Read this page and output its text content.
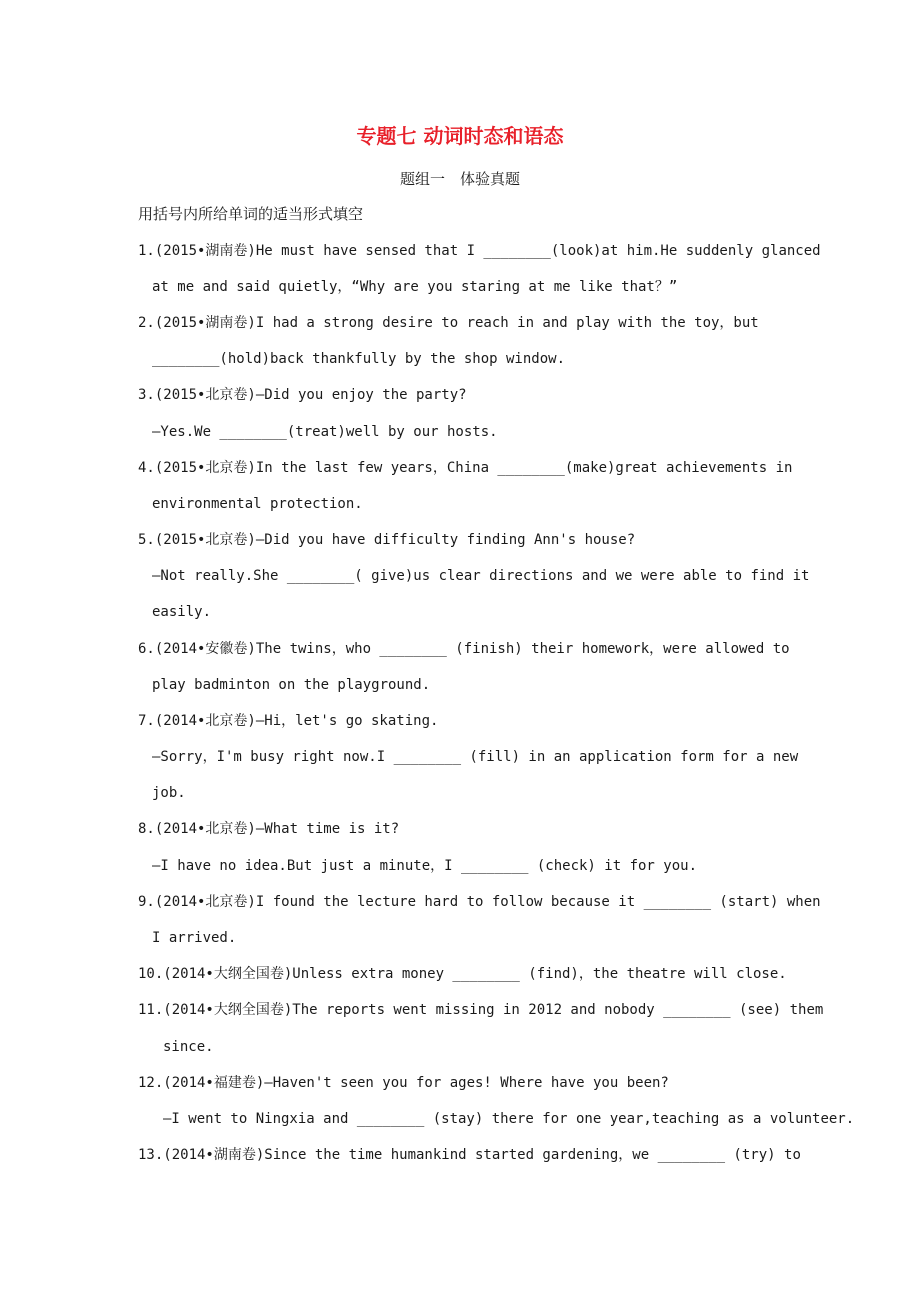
专题七 动词时态和语态
题组一　体验真题
用括号内所给单词的适当形式填空
1.(2015•湖南卷)He must have sensed that I ________(look)at him.He suddenly glanced
at me and said quietly，“Why are you staring at me like that？”
2.(2015•湖南卷)I had a strong desire to reach in and play with the toy，but
________(hold)back thankfully by the shop window.
3.(2015•北京卷)—Did you enjoy the party?
—Yes.We ________(treat)well by our hosts.
4.(2015•北京卷)In the last few years，China ________(make)great achievements in
environmental protection.
5.(2015•北京卷)—Did you have difficulty finding Ann's house?
—Not really.She ________( give)us clear directions and we were able to find it
easily.
6.(2014•安徽卷)The twins，who ________ (finish) their homework，were allowed to
play badminton on the playground.
7.(2014•北京卷)—Hi，let's go skating.
—Sorry，I'm busy right now.I ________ (fill) in an application form for a new
job.
8.(2014•北京卷)—What time is it?
—I have no idea.But just a minute，I ________ (check) it for you.
9.(2014•北京卷)I found the lecture hard to follow because it ________ (start) when
I arrived.
10.(2014•大纲全国卷)Unless extra money ________ (find)，the theatre will close.
11.(2014•大纲全国卷)The reports went missing in 2012 and nobody ________ (see) them
since.
12.(2014•福建卷)—Haven't seen you for ages! Where have you been?
—I went to Ningxia and ________ (stay) there for one year,teaching as a volunteer.
13.(2014•湖南卷)Since the time humankind started gardening，we ________ (try) to
